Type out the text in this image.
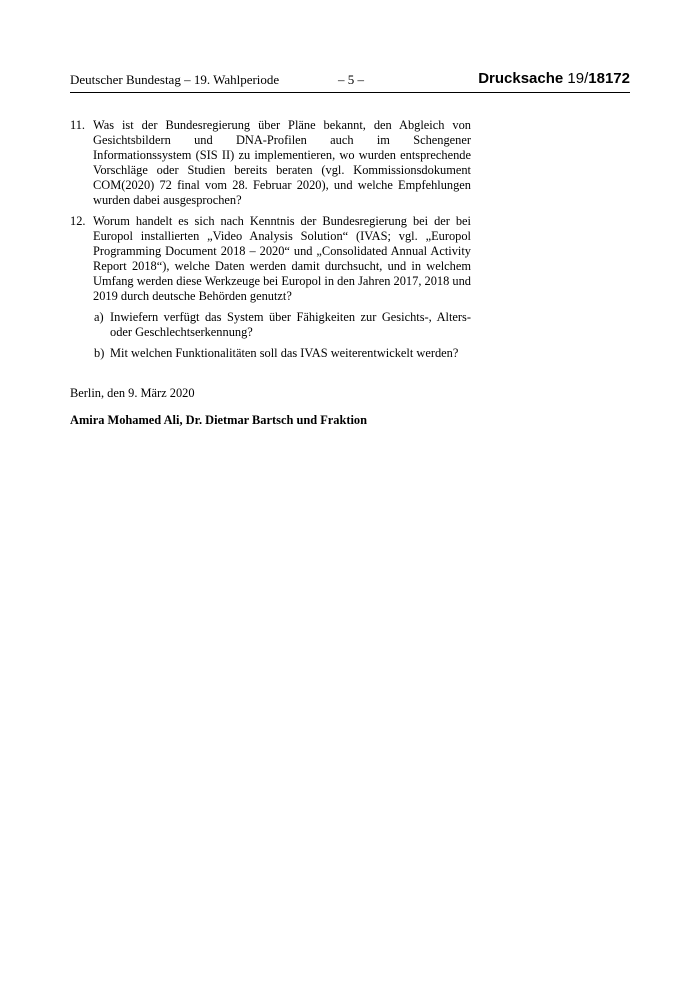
Deutscher Bundestag – 19. Wahlperiode	– 5 –	Drucksache 19/18172
11. Was ist der Bundesregierung über Pläne bekannt, den Abgleich von Gesichtsbildern und DNA-Profilen auch im Schengener Informationssystem (SIS II) zu implementieren, wo wurden entsprechende Vorschläge oder Studien bereits beraten (vgl. Kommissionsdokument COM(2020) 72 final vom 28. Februar 2020), und welche Empfehlungen wurden dabei ausgesprochen?
12. Worum handelt es sich nach Kenntnis der Bundesregierung bei der bei Europol installierten „Video Analysis Solution“ (IVAS; vgl. „Europol Programming Document 2018 – 2020“ und „Consolidated Annual Activity Report 2018“), welche Daten werden damit durchsucht, und in welchem Umfang werden diese Werkzeuge bei Europol in den Jahren 2017, 2018 und 2019 durch deutsche Behörden genutzt?
a) Inwiefern verfügt das System über Fähigkeiten zur Gesichts-, Alters- oder Geschlechtserkennung?
b) Mit welchen Funktionalitäten soll das IVAS weiterentwickelt werden?
Berlin, den 9. März 2020
Amira Mohamed Ali, Dr. Dietmar Bartsch und Fraktion
